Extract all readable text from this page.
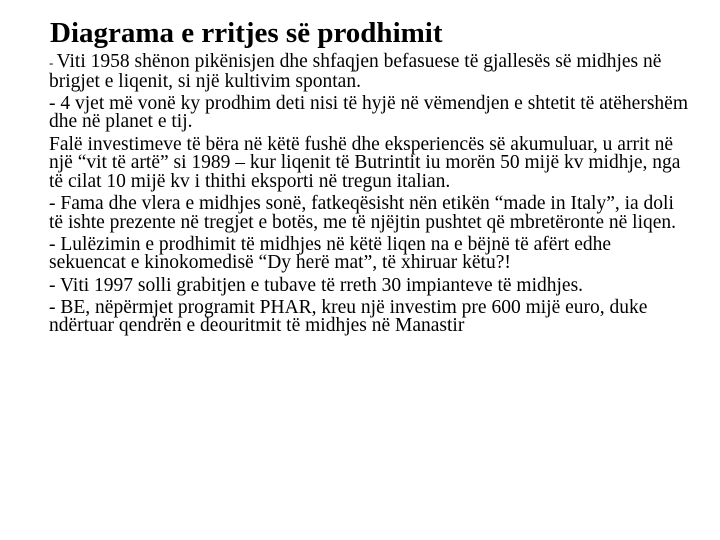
Diagrama e rritjes së prodhimit

- Viti 1958 shënon pikënisjen dhe shfaqjen befasuese të gjallesës së midhjes në brigjet e liqenit, si një kultivim spontan.

- 4 vjet më vonë ky prodhim deti nisi të hyjë në vëmendjen e shtetit të atëhershëm dhe në planet e tij.

Falë investimeve të bëra në këtë fushë dhe eksperiencës së akumuluar, u arrit në një “vit të artë” si 1989 – kur liqenit të Butrintit iu morën 50 mijë kv midhje, nga të cilat 10 mijë kv i thithi eksporti në tregun italian.

- Fama dhe vlera e midhjes sonë, fatkeqësisht nën etikën “made in Italy”, ia doli të ishte prezente në tregjet e botës, me të njëjtin pushtet që mbretëronte në liqen.

- Lulëzimin e prodhimit të midhjes në këtë liqen na e bëjnë të afërt edhe sekuencat e kinokomedisë “Dy herë mat”, të xhiruar këtu?!

- Viti 1997 solli grabitjen e tubave të rreth 30 impianteve të midhjes.

- BE, nëpërmjet programit PHAR, kreu një investim pre 600 mijë euro, duke ndërtuar qendrën e deouritmit të midhjes në Manastir
